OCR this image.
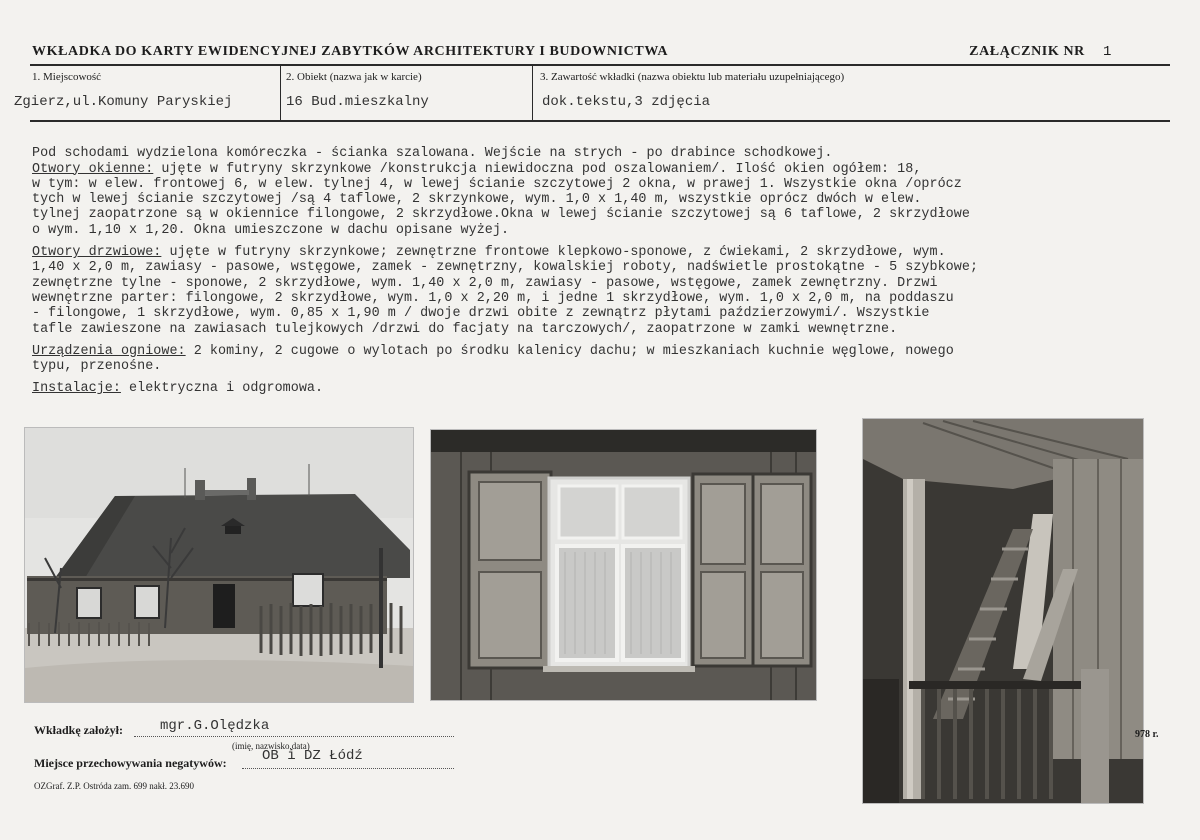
WKŁADKA DO KARTY EWIDENCYJNEJ ZABYTKÓW ARCHITEKTURY I BUDOWNICTWA	ZAŁĄCZNIK NR 1
1. Miejscowość
Zgierz,ul.Komuny Paryskiej
2. Obiekt (nazwa jak w karcie)
16 Bud.mieszkalny
3. Zawartość wkładki (nazwa obiektu lub materiału uzupełniającego)
dok.tekstu,3 zdjęcia

Pod schodami wydzielona komóreczka - ścianka szalowana. Wejście na strych - po drabince schodkowej.

Otwory okienne: ujęte w futryny skrzynkowe /konstrukcja niewidoczna pod oszalowaniem/. Ilość okien ogółem: 18,

w tym: w elew. frontowej 6, w elew. tylnej 4, w lewej ścianie szczytowej 2 okna, w prawej 1. Wszystkie okna /oprócz

tych w lewej ścianie szczytowej /są 4 taflowe, 2 skrzynkowe, wym. 1,0 x 1,40 m, wszystkie oprócz dwóch w elew.

tylnej zaopatrzone są w okiennice filongowe, 2 skrzydłowe.Okna w lewej ścianie szczytowej są 6 taflowe, 2 skrzydłowe

o wym. 1,10 x 1,20. Okna umieszczone w dachu opisane wyżej.

Otwory drzwiowe: ujęte w futryny skrzynkowe; zewnętrzne frontowe klepkowo-sponowe, z ćwiekami, 2 skrzydłowe, wym.

1,40 x 2,0 m, zawiasy - pasowe, wstęgowe, zamek - zewnętrzny, kowalskiej roboty, nadświetle prostokątne - 5 szybkowe;

zewnętrzne tylne - sponowe, 2 skrzydłowe, wym. 1,40 x 2,0 m, zawiasy - pasowe, wstęgowe, zamek zewnętrzny. Drzwi

wewnętrzne parter: filongowe, 2 skrzydłowe, wym. 1,0 x 2,20 m, i jedne 1 skrzydłowe, wym. 1,0 x 2,0 m, na poddaszu

- filongowe, 1 skrzydłowe, wym. 0,85 x 1,90 m / dwoje drzwi obite z zewnątrz płytami paździerzowymi/. Wszystkie

tafle zawieszone na zawiasach tulejkowych /drzwi do facjaty na tarczowych/, zaopatrzone w zamki wewnętrzne.

Urządzenia ogniowe: 2 kominy, 2 cugowe o wylotach po środku kalenicy dachu; w mieszkaniach kuchnie węglowe, nowego

typu, przenośne.

Instalacje: elektryczna i odgromowa.

Wkładkę założył:	mgr.G.Olędzka
(imię, nazwisko,data)
Miejsce przechowywania negatywów:	OB i DZ Łódź
OZGraf. Z.P. Ostróda zam. 699 nakł. 23.690
978 r.
